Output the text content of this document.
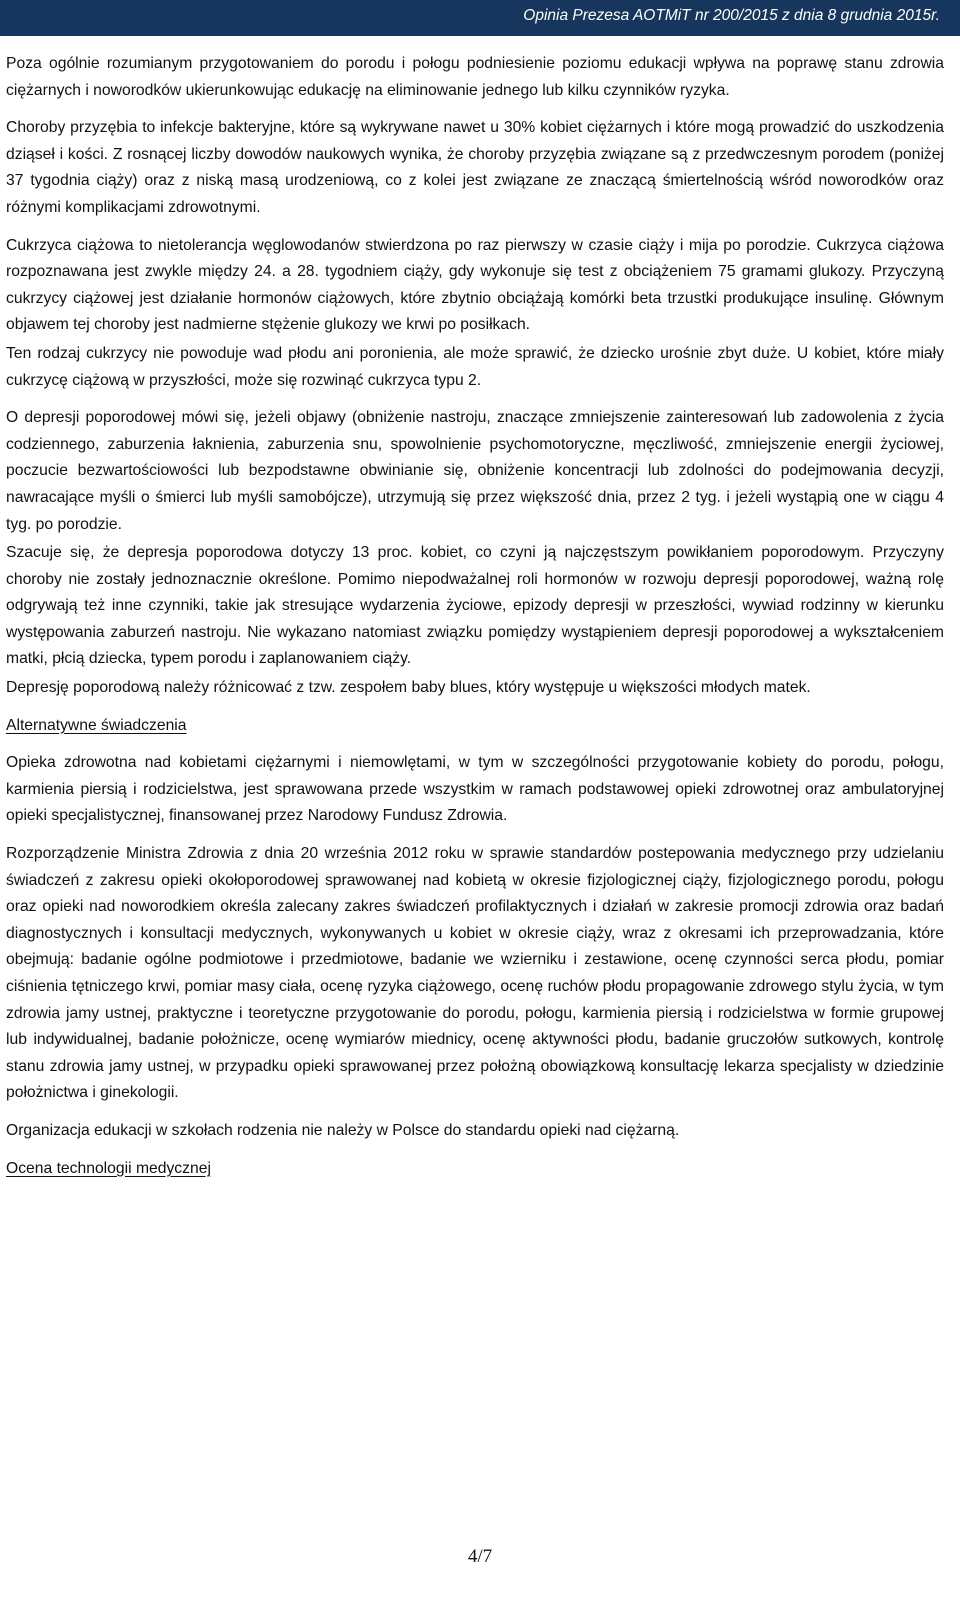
Opinia Prezesa AOTMiT nr 200/2015 z dnia 8 grudnia 2015r.

Poza ogólnie rozumianym przygotowaniem do porodu i połogu podniesienie poziomu edukacji wpływa na poprawę stanu zdrowia ciężarnych i noworodków ukierunkowując edukację na eliminowanie jednego lub kilku czynników ryzyka.

Choroby przyzębia to infekcje bakteryjne, które są wykrywane nawet u 30% kobiet ciężarnych i które mogą prowadzić do uszkodzenia dziąseł i kości. Z rosnącej liczby dowodów naukowych wynika, że choroby przyzębia związane są z przedwczesnym porodem (poniżej 37 tygodnia ciąży) oraz z niską masą urodzeniową, co z kolei jest związane ze znaczącą śmiertelnością wśród noworodków oraz różnymi komplikacjami zdrowotnymi.

Cukrzyca ciążowa to nietolerancja węglowodanów stwierdzona po raz pierwszy w czasie ciąży i mija po porodzie. Cukrzyca ciążowa rozpoznawana jest zwykle między 24. a 28. tygodniem ciąży, gdy wykonuje się test z obciążeniem 75 gramami glukozy. Przyczyną cukrzycy ciążowej jest działanie hormonów ciążowych, które zbytnio obciążają komórki beta trzustki produkujące insulinę. Głównym objawem tej choroby jest nadmierne stężenie glukozy we krwi po posiłkach.

Ten rodzaj cukrzycy nie powoduje wad płodu ani poronienia, ale może sprawić, że dziecko urośnie zbyt duże. U kobiet, które miały cukrzycę ciążową w przyszłości, może się rozwinąć cukrzyca typu 2.

O depresji poporodowej mówi się, jeżeli objawy (obniżenie nastroju, znaczące zmniejszenie zainteresowań lub zadowolenia z życia codziennego, zaburzenia łaknienia, zaburzenia snu, spowolnienie psychomotoryczne, męczliwość, zmniejszenie energii życiowej, poczucie bezwartościowości lub bezpodstawne obwinianie się, obniżenie koncentracji lub zdolności do podejmowania decyzji, nawracające myśli o śmierci lub myśli samobójcze), utrzymują się przez większość dnia, przez 2 tyg. i jeżeli wystąpią one w ciągu 4 tyg. po porodzie.

Szacuje się, że depresja poporodowa dotyczy 13 proc. kobiet, co czyni ją najczęstszym powikłaniem poporodowym. Przyczyny choroby nie zostały jednoznacznie określone. Pomimo niepodważalnej roli hormonów w rozwoju depresji poporodowej, ważną rolę odgrywają też inne czynniki, takie jak stresujące wydarzenia życiowe, epizody depresji w przeszłości, wywiad rodzinny w kierunku występowania zaburzeń nastroju. Nie wykazano natomiast związku pomiędzy wystąpieniem depresji poporodowej a wykształceniem matki, płcią dziecka, typem porodu i zaplanowaniem ciąży.

Depresję poporodową należy różnicować z tzw. zespołem baby blues, który występuje u większości młodych matek.

Alternatywne świadczenia

Opieka zdrowotna nad kobietami ciężarnymi i niemowlętami, w tym w szczególności przygotowanie kobiety do porodu, połogu, karmienia piersią i rodzicielstwa, jest sprawowana przede wszystkim w ramach podstawowej opieki zdrowotnej oraz ambulatoryjnej opieki specjalistycznej, finansowanej przez Narodowy Fundusz Zdrowia.

Rozporządzenie Ministra Zdrowia z dnia 20 września 2012 roku w sprawie standardów postepowania medycznego przy udzielaniu świadczeń z zakresu opieki okołoporodowej sprawowanej nad kobietą w okresie fizjologicznej ciąży, fizjologicznego porodu, połogu oraz opieki nad noworodkiem określa zalecany zakres świadczeń profilaktycznych i działań w zakresie promocji zdrowia oraz badań diagnostycznych i konsultacji medycznych, wykonywanych u kobiet w okresie ciąży, wraz z okresami ich przeprowadzania, które obejmują: badanie ogólne podmiotowe i przedmiotowe, badanie we wzierniku i zestawione, ocenę czynności serca płodu, pomiar ciśnienia tętniczego krwi, pomiar masy ciała, ocenę ryzyka ciążowego, ocenę ruchów płodu propagowanie zdrowego stylu życia, w tym zdrowia jamy ustnej, praktyczne i teoretyczne przygotowanie do porodu, połogu, karmienia piersią i rodzicielstwa w formie grupowej lub indywidualnej, badanie położnicze, ocenę wymiarów miednicy, ocenę aktywności płodu, badanie gruczołów sutkowych, kontrolę stanu zdrowia jamy ustnej, w przypadku opieki sprawowanej przez położną obowiązkową konsultację lekarza specjalisty w dziedzinie położnictwa i ginekologii.

Organizacja edukacji w szkołach rodzenia nie należy w Polsce do standardu opieki nad ciężarną.

Ocena technologii medycznej
4/7
